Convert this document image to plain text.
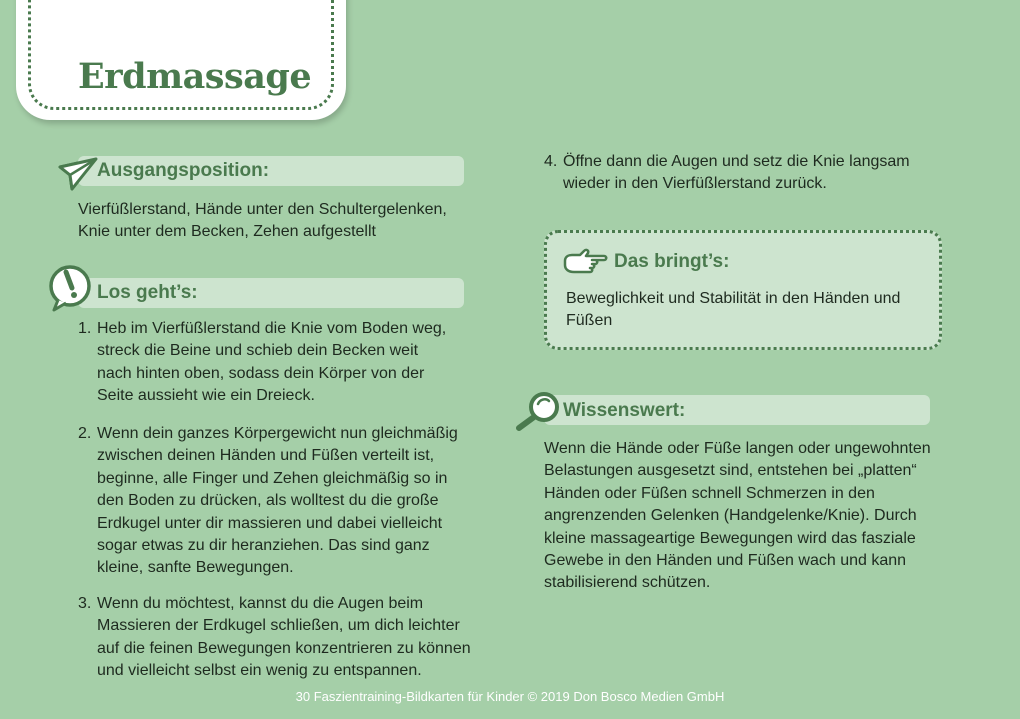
Erdmassage
Ausgangsposition:
Vierfüßlerstand, Hände unter den Schultergelenken,
Knie unter dem Becken, Zehen aufgestellt
Los geht’s:
1. Heb im Vierfüßlerstand die Knie vom Boden weg,
streck die Beine und schieb dein Becken weit
nach hinten oben, sodass dein Körper von der
Seite aussieht wie ein Dreieck.
2. Wenn dein ganzes Körpergewicht nun gleichmäßig
zwischen deinen Händen und Füßen verteilt ist,
beginne, alle Finger und Zehen gleichmäßig so in
den Boden zu drücken, als wolltest du die große
Erdkugel unter dir massieren und dabei vielleicht
sogar etwas zu dir heranziehen. Das sind ganz
kleine, sanfte Bewegungen.
3. Wenn du möchtest, kannst du die Augen beim
Massieren der Erdkugel schließen, um dich leichter
auf die feinen Bewegungen konzentrieren zu können
und vielleicht selbst ein wenig zu entspannen.
4. Öffne dann die Augen und setz die Knie langsam
wieder in den Vierfüßlerstand zurück.
Das bringt’s:
Beweglichkeit und Stabilität in den Händen und
Füßen
Wissenswert:
Wenn die Hände oder Füße langen oder ungewohnten
Belastungen ausgesetzt sind, entstehen bei „platten“
Händen oder Füßen schnell Schmerzen in den
angrenzenden Gelenken (Handgelenke/Knie). Durch
kleine massageartige Bewegungen wird das fasziale
Gewebe in den Händen und Füßen wach und kann
stabilisierend schützen.
30 Faszientraining-Bildkarten für Kinder © 2019 Don Bosco Medien GmbH
